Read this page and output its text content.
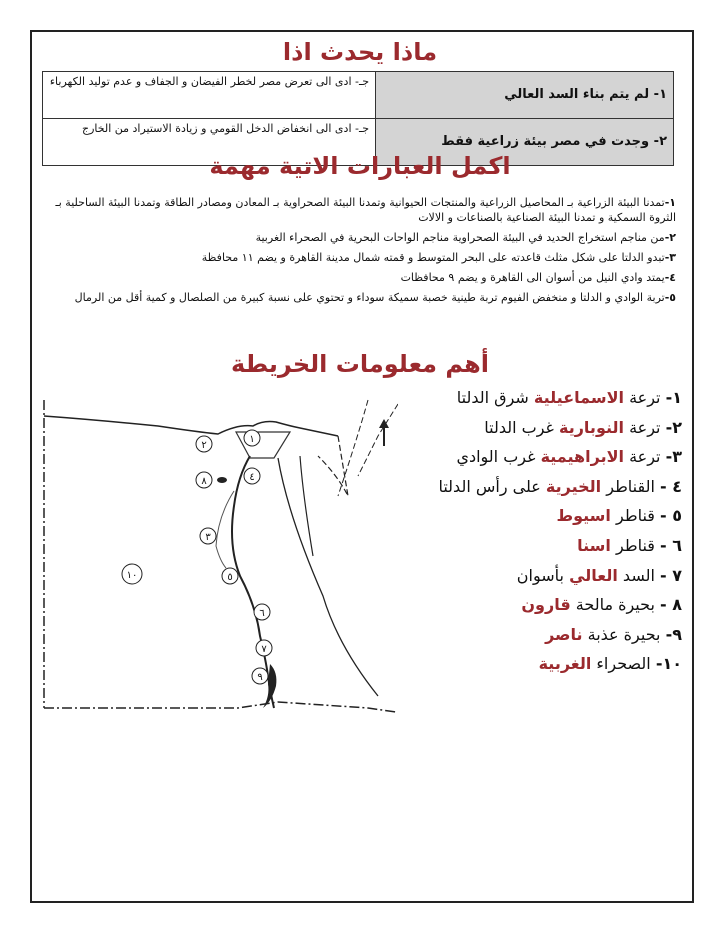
ماذا يحدث اذا
١- لم يتم بناء السد العالي	جـ- ادى الى تعرض مصر لخطر الفيضان و الجفاف و عدم توليد الكهرباء
٢- وجدت في مصر بيئة زراعية فقط	جـ- ادى الى انخفاض الدخل القومي و زيادة الاستيراد من الخارج
اكمل العبارات الاتية مهمة

١-تمدنا البيئة الزراعية بـ المحاصيل الزراعية والمنتجات الحيوانية وتمدنا البيئة الصحراوية بـ المعادن ومصادر الطاقة وتمدنا البيئة الساحلية بـ الثروة السمكية و تمدنا البيئة الصناعية بالصناعات و الالات

٢-من مناجم استخراج الحديد في البيئة الصحراوية مناجم الواحات البحرية في الصحراء الغربية

٣-تبدو الدلتا على شكل مثلث قاعدته على البحر المتوسط و قمته شمال مدينة القاهرة و يضم ١١ محافظة

٤-يمتد وادي النيل من أسوان الى القاهرة و يضم ٩ محافظات

٥-تربة الوادي و الدلتا و منخفض الفيوم تربة طينية خصبة سميكة سوداء و تحتوي على نسبة كبيرة من الصلصال و كمية أقل من الرمال

أهم معلومات الخريطة
١
٢
٣
٤
٥
٦
٧
٨
٩
١٠
١- ترعة الاسماعيلية شرق الدلتا
٢- ترعة النوبارية غرب الدلتا
٣- ترعة الابراهيمية غرب الوادي
٤ - القناطر الخيرية على رأس الدلتا
٥ - قناطر اسيوط
٦ - قناطر اسنا
٧ - السد العالي بأسوان
٨ - بحيرة مالحة قارون
٩- بحيرة عذبة ناصر
١٠- الصحراء الغربية
